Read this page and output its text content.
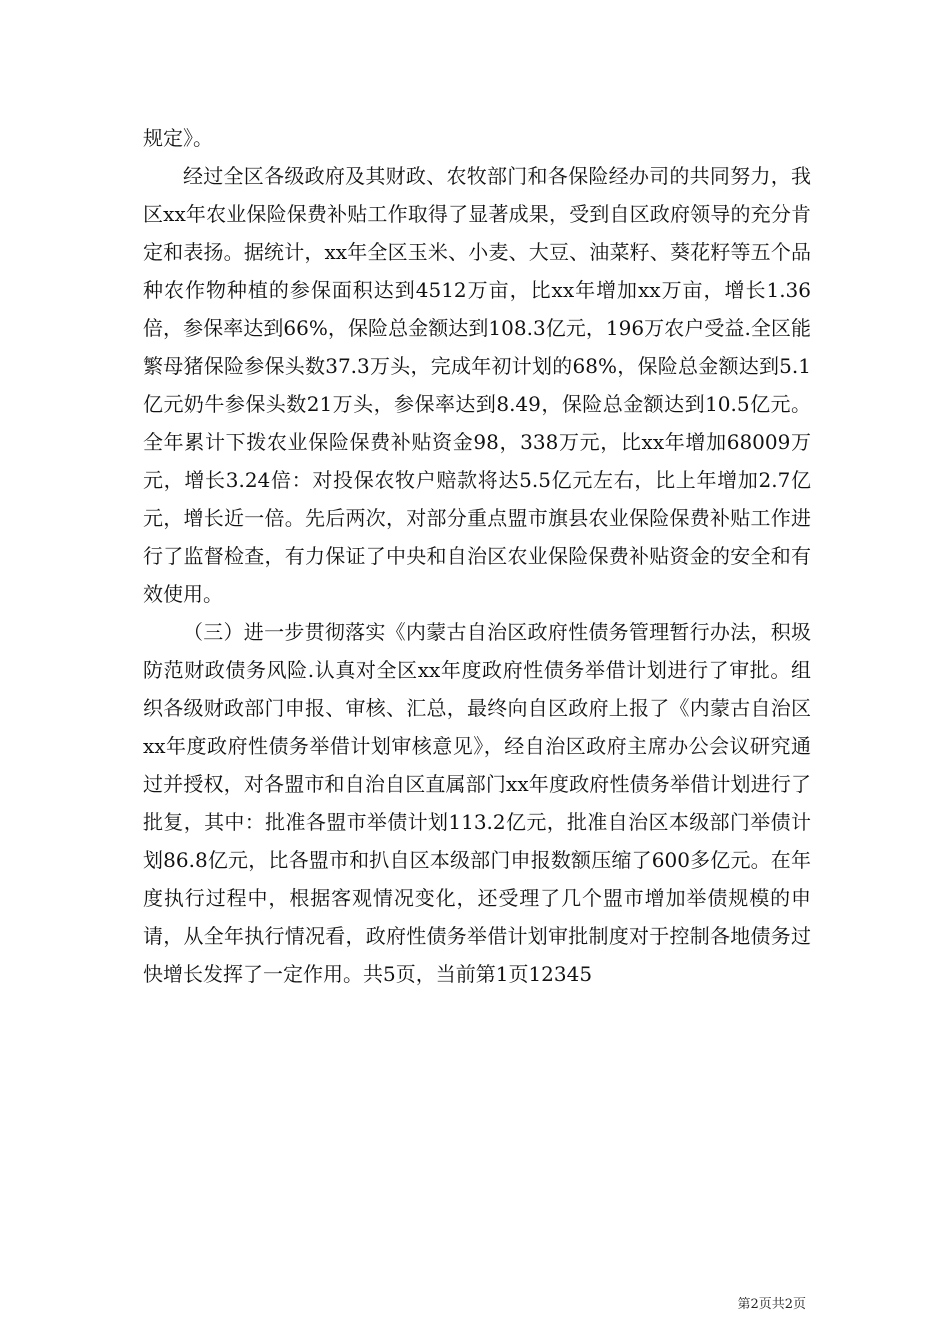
规定》。

经过全区各级政府及其财政、农牧部门和各保险经办司的共同努力，我区xx年农业保险保费补贴工作取得了显著成果，受到自区政府领导的充分肯定和表扬。据统计，xx年全区玉米、小麦、大豆、油菜籽、葵花籽等五个品种农作物种植的参保面积达到4512万亩，比xx年增加xx万亩，增长1.36倍，参保率达到66%，保险总金额达到108.3亿元，196万农户受益.全区能繁母猪保险参保头数37.3万头，完成年初计划的68%，保险总金额达到5.1亿元奶牛参保头数21万头，参保率达到8.49，保险总金额达到10.5亿元。全年累计下拨农业保险保费补贴资金98，338万元，比xx年增加68009万元，增长3.24倍：对投保农牧户赔款将达5.5亿元左右，比上年增加2.7亿元，增长近一倍。先后两次，对部分重点盟市旗县农业保险保费补贴工作进行了监督检查，有力保证了中央和自治区农业保险保费补贴资金的安全和有效使用。

（三）进一步贯彻落实《内蒙古自治区政府性债务管理暂行办法，积圾防范财政债务风险.认真对全区xx年度政府性债务举借计划进行了审批。组织各级财政部门申报、审核、汇总，最终向自区政府上报了《内蒙古自治区xx年度政府性债务举借计划审核意见》，经自治区政府主席办公会议研究通过并授权，对各盟市和自治自区直属部门xx年度政府性债务举借计划进行了批复，其中：批准各盟市举债计划113.2亿元，批准自治区本级部门举债计划86.8亿元，比各盟市和扒自区本级部门申报数额压缩了600多亿元。在年度执行过程中，根据客观情况变化，还受理了几个盟市增加举债规模的申请，从全年执行情况看，政府性债务举借计划审批制度对于控制各地债务过快增长发挥了一定作用。共5页，当前第1页12345

第2页共2页
